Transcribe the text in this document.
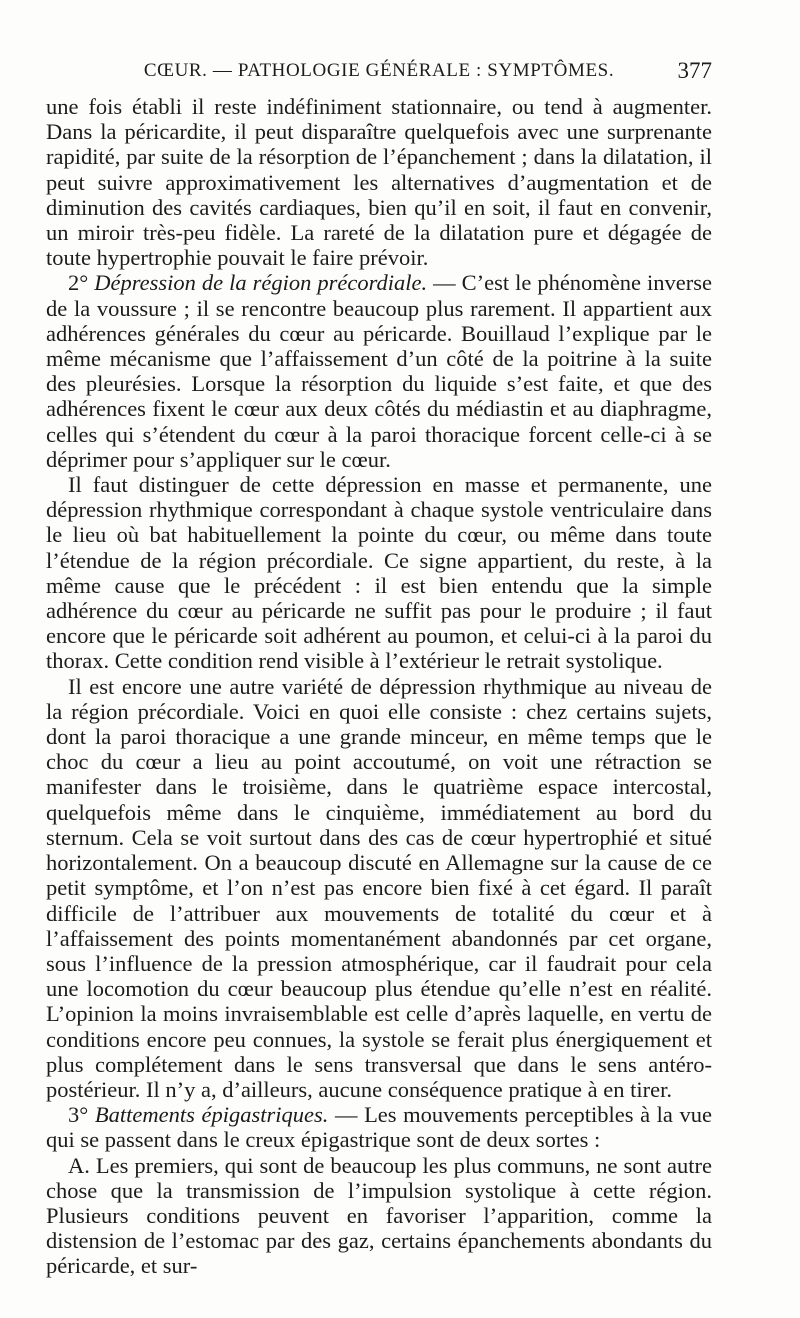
CŒUR. — PATHOLOGIE GÉNÉRALE : SYMPTÔMES.	377

une fois établi il reste indéfiniment stationnaire, ou tend à augmenter. Dans la péricardite, il peut disparaître quelquefois avec une surprenante rapidité, par suite de la résorption de l’épanchement ; dans la dilatation, il peut suivre approximativement les alternatives d’augmentation et de diminution des cavités cardiaques, bien qu’il en soit, il faut en convenir, un miroir très-peu fidèle. La rareté de la dilatation pure et dégagée de toute hypertrophie pouvait le faire prévoir.

2° Dépression de la région précordiale. — C’est le phénomène inverse de la voussure ; il se rencontre beaucoup plus rarement. Il appartient aux adhérences générales du cœur au péricarde. Bouillaud l’explique par le même mécanisme que l’affaissement d’un côté de la poitrine à la suite des pleurésies. Lorsque la résorption du liquide s’est faite, et que des adhérences fixent le cœur aux deux côtés du médiastin et au diaphragme, celles qui s’étendent du cœur à la paroi thoracique forcent celle-ci à se déprimer pour s’appliquer sur le cœur.

Il faut distinguer de cette dépression en masse et permanente, une dépression rhythmique correspondant à chaque systole ventriculaire dans le lieu où bat habituellement la pointe du cœur, ou même dans toute l’étendue de la région précordiale. Ce signe appartient, du reste, à la même cause que le précédent : il est bien entendu que la simple adhérence du cœur au péricarde ne suffit pas pour le produire ; il faut encore que le péricarde soit adhérent au poumon, et celui-ci à la paroi du thorax. Cette condition rend visible à l’extérieur le retrait systolique.

Il est encore une autre variété de dépression rhythmique au niveau de la région précordiale. Voici en quoi elle consiste : chez certains sujets, dont la paroi thoracique a une grande minceur, en même temps que le choc du cœur a lieu au point accoutumé, on voit une rétraction se manifester dans le troisième, dans le quatrième espace intercostal, quelquefois même dans le cinquième, immédiatement au bord du sternum. Cela se voit surtout dans des cas de cœur hypertrophié et situé horizontalement. On a beaucoup discuté en Allemagne sur la cause de ce petit symptôme, et l’on n’est pas encore bien fixé à cet égard. Il paraît difficile de l’attribuer aux mouvements de totalité du cœur et à l’affaissement des points momentanément abandonnés par cet organe, sous l’influence de la pression atmosphérique, car il faudrait pour cela une locomotion du cœur beaucoup plus étendue qu’elle n’est en réalité. L’opinion la moins invraisemblable est celle d’après laquelle, en vertu de conditions encore peu connues, la systole se ferait plus énergiquement et plus complétement dans le sens transversal que dans le sens antéro-postérieur. Il n’y a, d’ailleurs, aucune conséquence pratique à en tirer.

3° Battements épigastriques. — Les mouvements perceptibles à la vue qui se passent dans le creux épigastrique sont de deux sortes :

A. Les premiers, qui sont de beaucoup les plus communs, ne sont autre chose que la transmission de l’impulsion systolique à cette région. Plusieurs conditions peuvent en favoriser l’apparition, comme la distension de l’estomac par des gaz, certains épanchements abondants du péricarde, et sur-
